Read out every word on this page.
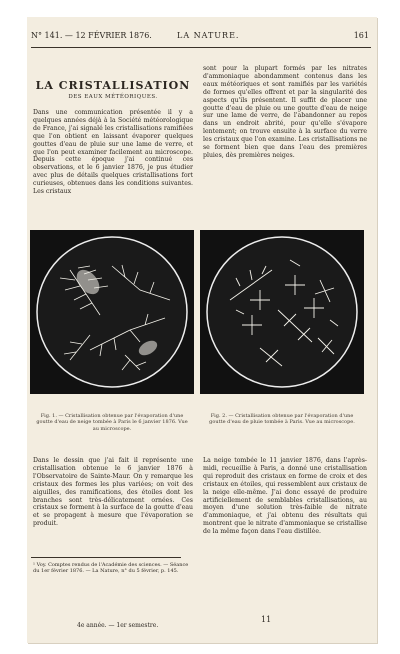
N° 141. — 12 FÉVRIER 1876.	LA NATURE.	161
LA CRISTALLISATION
DES EAUX MÉTÉORIQUES.

Dans une communication présentée il y a quelques années déjà à la Société météorologique de France, j'ai signalé les cristallisations ramifiées que l'on obtient en laissant évaporer quelques gouttes d'eau de pluie sur une lame de verre, et que l'on peut examiner facilement au microscope. Depuis cette époque j'ai continué ces observations, et le 6 janvier 1876, je pus étudier avec plus de détails quelques cristallisations fort curieuses, obtenues dans les conditions suivantes. Les cristaux

sont pour la plupart formés par les nitrates d'ammoniaque abondamment contenus dans les eaux météoriques et sont ramifiés par les variétés de formes qu'elles offrent et par la singularité des aspects qu'ils présentent. Il suffit de placer une goutte d'eau de pluie ou une goutte d'eau de neige sur une lame de verre, de l'abandonner au repos dans un endroit abrité, pour qu'elle s'évapore lentement; on trouve ensuite à la surface du verre les cristaux que l'on examine. Les cristallisations ne se forment bien que dans l'eau des premières pluies, dès premières neiges.

Fig. 1. — Cristallisation obtenue par l'évaporation d'une goutte d'eau de neige tombée à Paris le 6 janvier 1876. Vue au microscope.
Fig. 2. — Cristallisation obtenue par l'évaporation d'une goutte d'eau de pluie tombée à Paris. Vue au microscope.

Dans le dessin que j'ai fait il représente une cristallisation obtenue le 6 janvier 1876 à l'Observatoire de Sainte-Maur. On y remarque les cristaux des formes les plus variées; on voit des aiguilles, des ramifications, des étoiles dont les branches sont très-délicatement ornées. Ces cristaux se forment à la surface de la goutte d'eau et se propagent à mesure que l'évaporation se produit.

La neige tombée le 11 janvier 1876, dans l'après-midi, recueillie à Paris, a donné une cristallisation qui reproduit des cristaux en forme de croix et des cristaux en étoiles, qui ressemblent aux cristaux de la neige elle-même. J'ai donc essayé de produire artificiellement de semblables cristallisations, au moyen d'une solution très-faible de nitrate d'ammoniaque, et j'ai obtenu des résultats qui montrent que le nitrate d'ammoniaque se cristallise de la même façon dans l'eau distillée.

¹ Voy. Comptes rendus de l'Académie des sciences. — Séance du 1er février 1876. — La Nature, n° du 5 février, p. 145.
4e année. — 1er semestre.
11
